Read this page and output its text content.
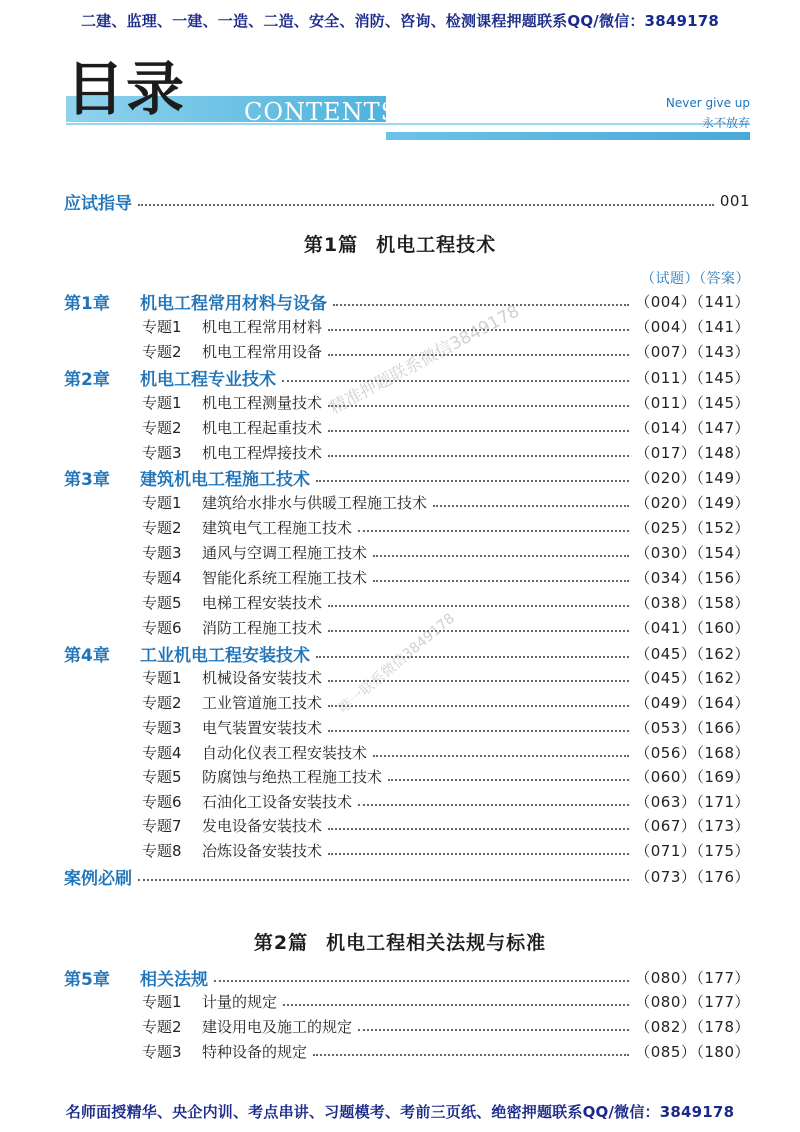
二建、监理、一建、一造、二造、安全、消防、咨询、检测课程押题联系QQ/微信：3849178
目录 CONTENTS	Never give up
永不放弃
应试指导	001
第1篇 机电工程技术
（试题）（答案）
第1章 机电工程常用材料与设备	（004）（141）
专题1 机电工程常用材料	（004）（141）
专题2 机电工程常用设备	（007）（143）
第2章 机电工程专业技术	（011）（145）
专题1 机电工程测量技术	（011）（145）
专题2 机电工程起重技术	（014）（147）
专题3 机电工程焊接技术	（017）（148）
第3章 建筑机电工程施工技术	（020）（149）
专题1 建筑给水排水与供暖工程施工技术	（020）（149）
专题2 建筑电气工程施工技术	（025）（152）
专题3 通风与空调工程施工技术	（030）（154）
专题4 智能化系统工程施工技术	（034）（156）
专题5 电梯工程安装技术	（038）（158）
专题6 消防工程施工技术	（041）（160）
第4章 工业机电工程安装技术	（045）（162）
专题1 机械设备安装技术	（045）（162）
专题2 工业管道施工技术	（049）（164）
专题3 电气装置安装技术	（053）（166）
专题4 自动化仪表工程安装技术	（056）（168）
专题5 防腐蚀与绝热工程施工技术	（060）（169）
专题6 石油化工设备安装技术	（063）（171）
专题7 发电设备安装技术	（067）（173）
专题8 冶炼设备安装技术	（071）（175）
案例必刷	（073）（176）
第2篇 机电工程相关法规与标准
第5章 相关法规	（080）（177）
专题1 计量的规定	（080）（177）
专题2 建设用电及施工的规定	（082）（178）
专题3 特种设备的规定	（085）（180）
精准押题联系微信3849178
唯一联系微信3849178
名师面授精华、央企内训、考点串讲、习题模考、考前三页纸、绝密押题联系QQ/微信：3849178
